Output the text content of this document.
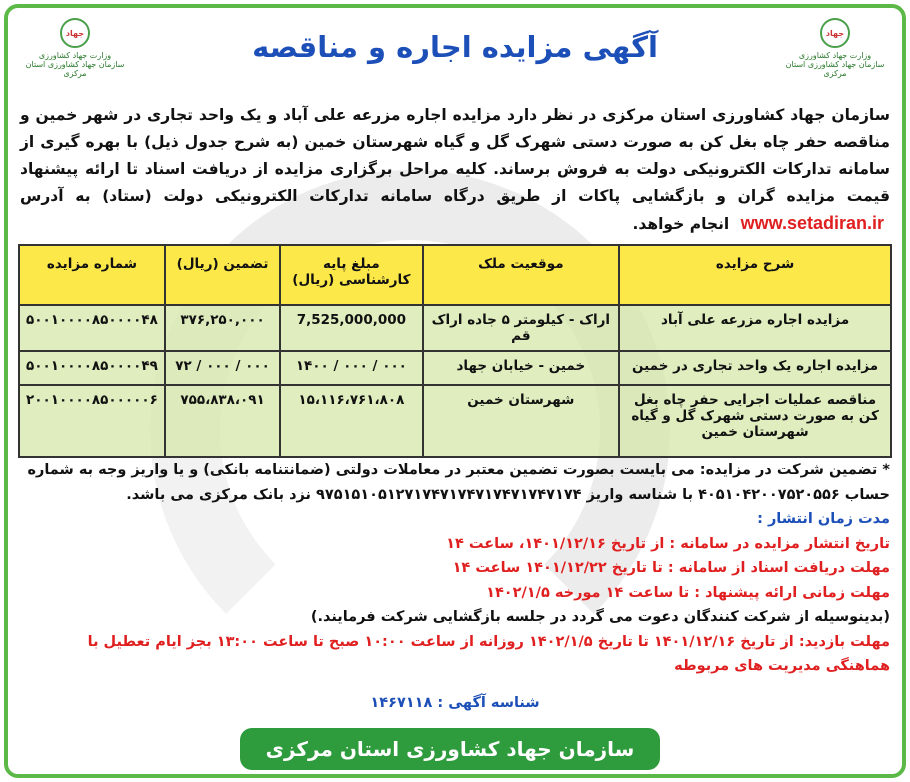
جهاد
وزارت جهاد کشاورزی
سازمان جهاد کشاورزی استان مرکزی
جهاد
وزارت جهاد کشاورزی
سازمان جهاد کشاورزی استان مرکزی
آگهی مزایده اجاره و مناقصه

سازمان جهاد کشاورزی استان مرکزی در نظر دارد مزایده اجاره مزرعه علی آباد و یک واحد تجاری در شهر خمین و مناقصه حفر چاه بغل کن به صورت دستی شهرک گل و گیاه شهرستان خمین (به شرح جدول ذیل) با بهره گیری از سامانه تدارکات الکترونیکی دولت به فروش برساند. کلیه مراحل برگزاری مزایده از دریافت اسناد تا ارائه پیشنهاد قیمت مزایده گران و بازگشایی پاکات از طریق درگاه سامانه تدارکات الکترونیکی دولت (ستاد) به آدرس www.setadiran.ir انجام خواهد.

شرح مزایده	موقعیت ملک	مبلغ پایه کارشناسی (ریال)	تضمین (ریال)	شماره مزایده
مزایده اجاره مزرعه علی آباد	اراک - کیلومتر ۵ جاده اراک قم	7,525,000,000	۳۷۶,۲۵۰,۰۰۰	۵۰۰۱۰۰۰۰۸۵۰۰۰۰۴۸
مزایده اجاره یک واحد تجاری در خمین	خمین - خیابان جهاد	۰۰۰ / ۰۰۰ / ۱۴۰۰	۰۰۰ / ۰۰۰ / ۷۲	۵۰۰۱۰۰۰۰۸۵۰۰۰۰۴۹
مناقصه عملیات اجرایی حفر چاه بغل کن به صورت دستی شهرک گل و گیاه شهرستان خمین	شهرستان خمین	۱۵،۱۱۶،۷۶۱،۸۰۸	۷۵۵،۸۳۸،۰۹۱	۲۰۰۱۰۰۰۰۸۵۰۰۰۰۰۶
* تضمین شرکت در مزایده: می بایست بصورت تضمین معتبر در معاملات دولتی (ضمانتنامه بانکی) و یا واریز وجه به شماره حساب ۴۰۵۱۰۴۲۰۰۷۵۲۰۵۵۶ با شناسه واریز ۹۷۵۱۵۱۰۵۱۲۷۱۷۴۷۱۷۴۷۱۷۴۷۱۷۴۷۱۷۴ نزد بانک مرکزی می باشد.
مدت زمان انتشار :
تاریخ انتشار مزایده در سامانه : از تاریخ ۱۴۰۱/۱۲/۱۶، ساعت ۱۴
مهلت دریافت اسناد از سامانه : تا تاریخ ۱۴۰۱/۱۲/۲۲ ساعت ۱۴
مهلت زمانی ارائه پیشنهاد : تا ساعت ۱۴ مورخه ۱۴۰۲/۱/۵
(بدینوسیله از شرکت کنندگان دعوت می گردد در جلسه بازگشایی شرکت فرمایند.)
مهلت بازدید: از تاریخ ۱۴۰۱/۱۲/۱۶ تا تاریخ ۱۴۰۲/۱/۵ روزانه از ساعت ۱۰:۰۰ صبح تا ساعت ۱۳:۰۰ بجز ایام تعطیل با هماهنگی مدیریت های مربوطه
شناسه آگهی : ۱۴۶۷۱۱۸
سازمان جهاد کشاورزی استان مرکزی
